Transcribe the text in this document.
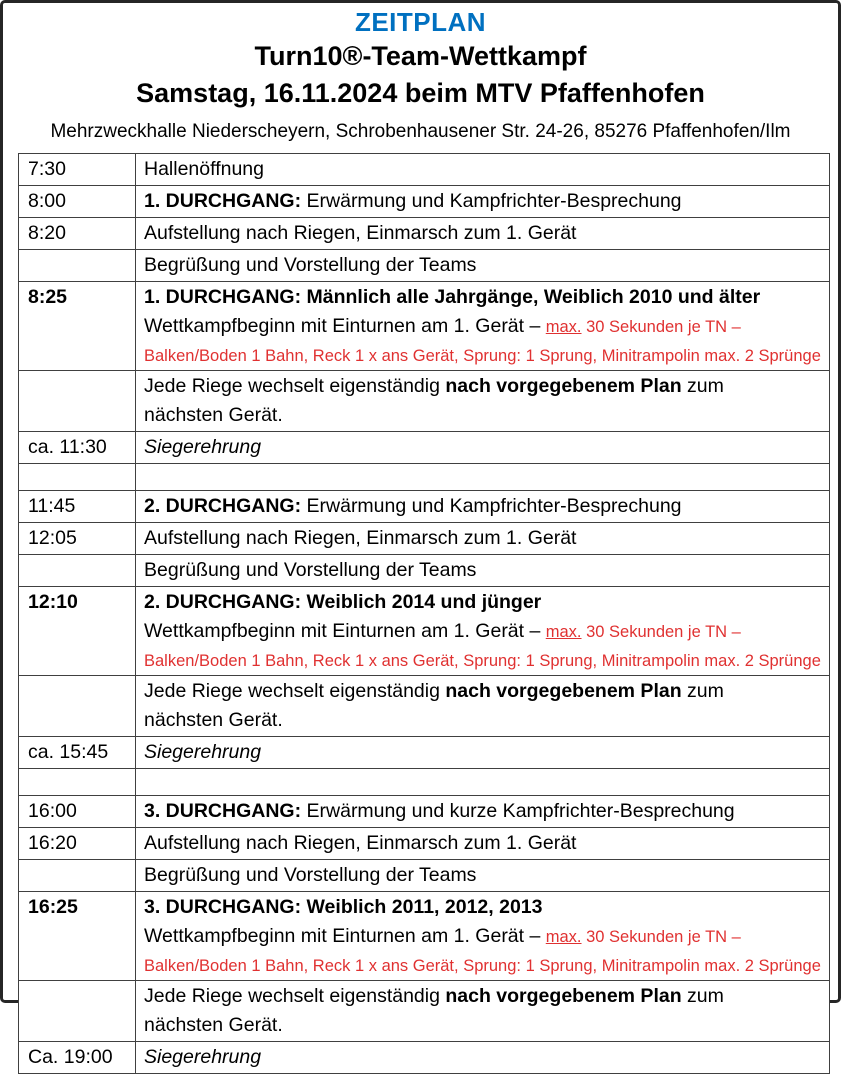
ZEITPLAN
Turn10®-Team-Wettkampf
Samstag, 16.11.2024 beim MTV Pfaffenhofen
Mehrzweckhalle Niederscheyern, Schrobenhausener Str. 24-26, 85276 Pfaffenhofen/Ilm
7:30	Hallenöffnung

8:00	1. DURCHGANG: Erwärmung und Kampfrichter-Besprechung

8:20	Aufstellung nach Riegen, Einmarsch zum 1. Gerät

	Begrüßung und Vorstellung der Teams

8:25	1. DURCHGANG: Männlich alle Jahrgänge, Weiblich 2010 und älter
Wettkampfbeginn mit Einturnen am 1. Gerät – max. 30 Sekunden je TN –
Balken/Boden 1 Bahn, Reck 1 x ans Gerät, Sprung: 1 Sprung, Minitrampolin max. 2 Sprünge

	Jede Riege wechselt eigenständig nach vorgegebenem Plan zum
nächsten Gerät.

ca. 11:30	Siegerehrung

11:45	2. DURCHGANG: Erwärmung und Kampfrichter-Besprechung

12:05	Aufstellung nach Riegen, Einmarsch zum 1. Gerät

	Begrüßung und Vorstellung der Teams

12:10	2. DURCHGANG: Weiblich 2014 und jünger
Wettkampfbeginn mit Einturnen am 1. Gerät – max. 30 Sekunden je TN –
Balken/Boden 1 Bahn, Reck 1 x ans Gerät, Sprung: 1 Sprung, Minitrampolin max. 2 Sprünge

	Jede Riege wechselt eigenständig nach vorgegebenem Plan zum
nächsten Gerät.

ca. 15:45	Siegerehrung

16:00	3. DURCHGANG: Erwärmung und kurze Kampfrichter-Besprechung

16:20	Aufstellung nach Riegen, Einmarsch zum 1. Gerät

	Begrüßung und Vorstellung der Teams

16:25	3. DURCHGANG: Weiblich 2011, 2012, 2013
Wettkampfbeginn mit Einturnen am 1. Gerät – max. 30 Sekunden je TN –
Balken/Boden 1 Bahn, Reck 1 x ans Gerät, Sprung: 1 Sprung, Minitrampolin max. 2 Sprünge

	Jede Riege wechselt eigenständig nach vorgegebenem Plan zum
nächsten Gerät.

Ca. 19:00	Siegerehrung
